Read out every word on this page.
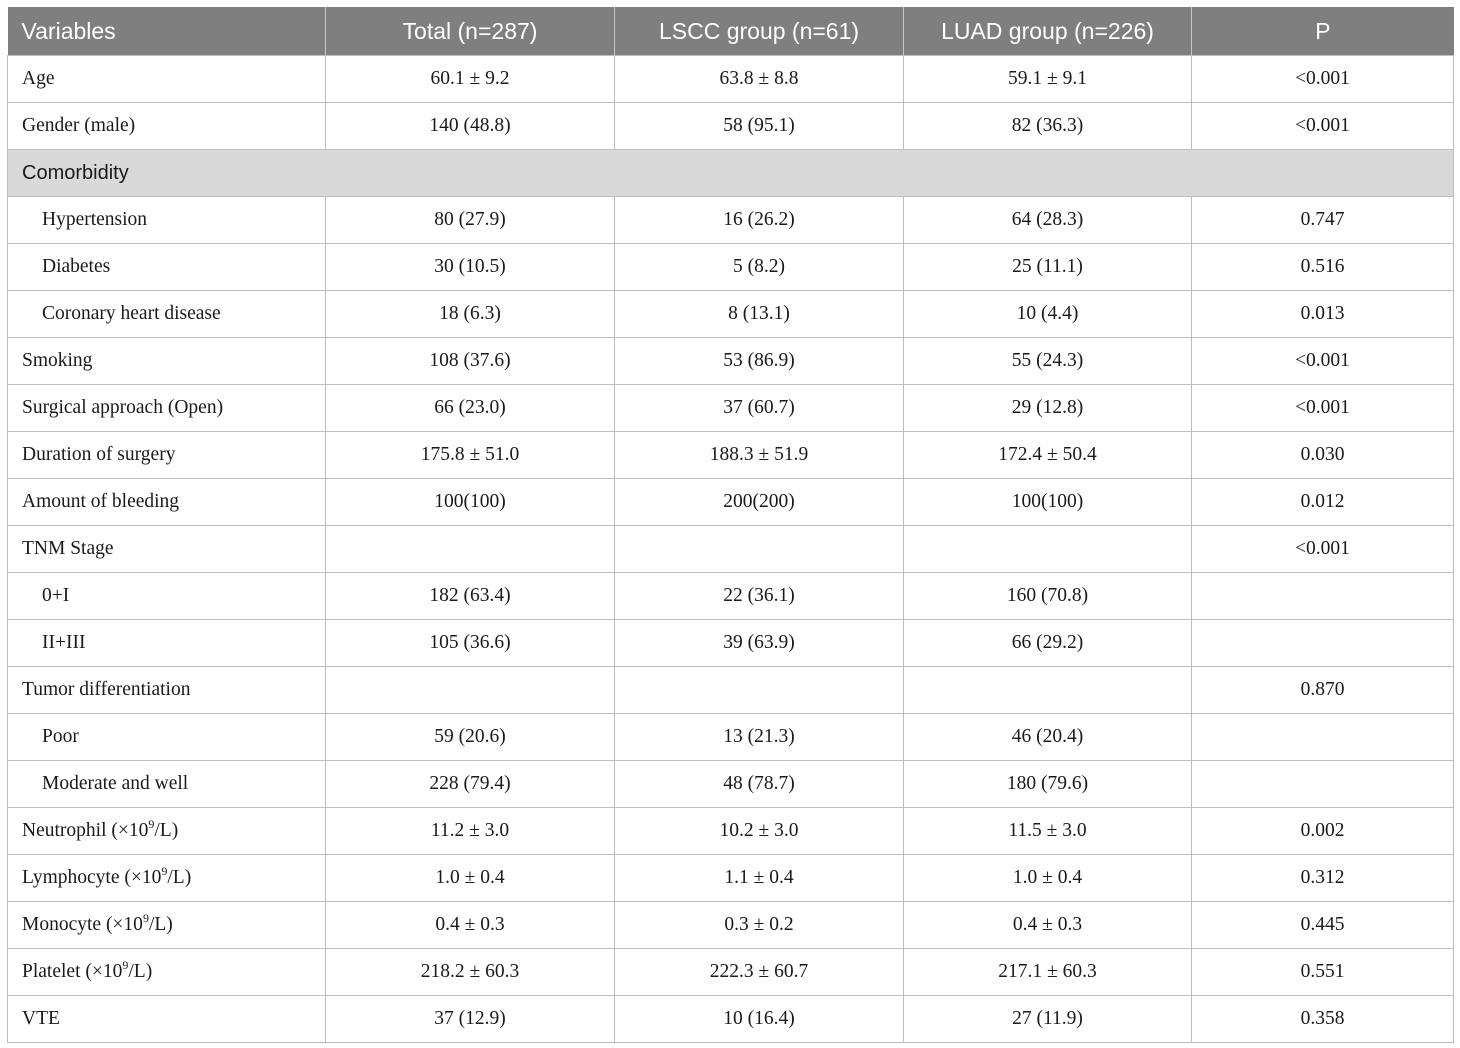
Variables	Total (n=287)	LSCC group (n=61)	LUAD group (n=226)	P
Age	60.1 ± 9.2	63.8 ± 8.8	59.1 ± 9.1	<0.001
Gender (male)	140 (48.8)	58 (95.1)	82 (36.3)	<0.001
Comorbidity				
Hypertension	80 (27.9)	16 (26.2)	64 (28.3)	0.747
Diabetes	30 (10.5)	5 (8.2)	25 (11.1)	0.516
Coronary heart disease	18 (6.3)	8 (13.1)	10 (4.4)	0.013
Smoking	108 (37.6)	53 (86.9)	55 (24.3)	<0.001
Surgical approach (Open)	66 (23.0)	37 (60.7)	29 (12.8)	<0.001
Duration of surgery	175.8 ± 51.0	188.3 ± 51.9	172.4 ± 50.4	0.030
Amount of bleeding	100(100)	200(200)	100(100)	0.012
TNM Stage				<0.001
0+I	182 (63.4)	22 (36.1)	160 (70.8)	
II+III	105 (36.6)	39 (63.9)	66 (29.2)	
Tumor differentiation				0.870
Poor	59 (20.6)	13 (21.3)	46 (20.4)	
Moderate and well	228 (79.4)	48 (78.7)	180 (79.6)	
Neutrophil $(\times 10^9/L)$	11.2 ± 3.0	10.2 ± 3.0	11.5 ± 3.0	0.002
Lymphocyte $(\times 10^9/L)$	1.0 ± 0.4	1.1 ± 0.4	1.0 ± 0.4	0.312
Monocyte $(\times 10^9/L)$	0.4 ± 0.3	0.3 ± 0.2	0.4 ± 0.3	0.445
Platelet $(\times 10^9/L)$	218.2 ± 60.3	222.3 ± 60.7	217.1 ± 60.3	0.551
VTE	37 (12.9)	10 (16.4)	27 (11.9)	0.358
